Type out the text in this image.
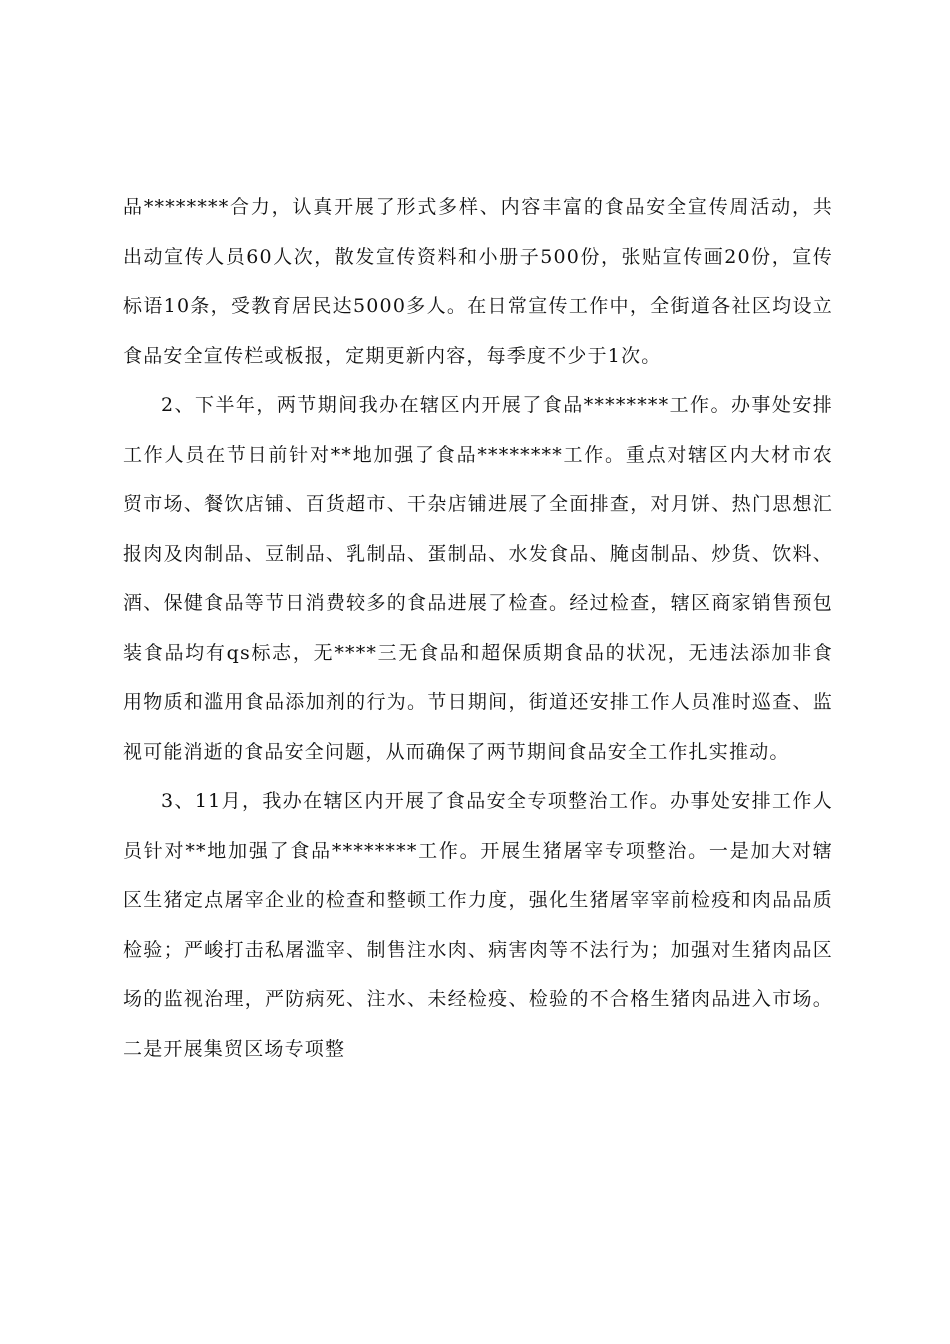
品********合力，认真开展了形式多样、内容丰富的食品安全宣传周活动，共出动宣传人员60人次，散发宣传资料和小册子500份，张贴宣传画20份，宣传标语10条，受教育居民达5000多人。在日常宣传工作中，全街道各社区均设立食品安全宣传栏或板报，定期更新内容，每季度不少于1次。

2、下半年，两节期间我办在辖区内开展了食品********工作。办事处安排工作人员在节日前针对**地加强了食品********工作。重点对辖区内大材市农贸市场、餐饮店铺、百货超市、干杂店铺进展了全面排查，对月饼、热门思想汇报肉及肉制品、豆制品、乳制品、蛋制品、水发食品、腌卤制品、炒货、饮料、酒、保健食品等节日消费较多的食品进展了检查。经过检查，辖区商家销售预包装食品均有qs标志，无****三无食品和超保质期食品的状况，无违法添加非食用物质和滥用食品添加剂的行为。节日期间，街道还安排工作人员准时巡查、监视可能消逝的食品安全问题，从而确保了两节期间食品安全工作扎实推动。

3、11月，我办在辖区内开展了食品安全专项整治工作。办事处安排工作人员针对**地加强了食品********工作。开展生猪屠宰专项整治。一是加大对辖区生猪定点屠宰企业的检查和整顿工作力度，强化生猪屠宰宰前检疫和肉品品质检验；严峻打击私屠滥宰、制售注水肉、病害肉等不法行为；加强对生猪肉品区场的监视治理，严防病死、注水、未经检疫、检验的不合格生猪肉品进入市场。二是开展集贸区场专项整
